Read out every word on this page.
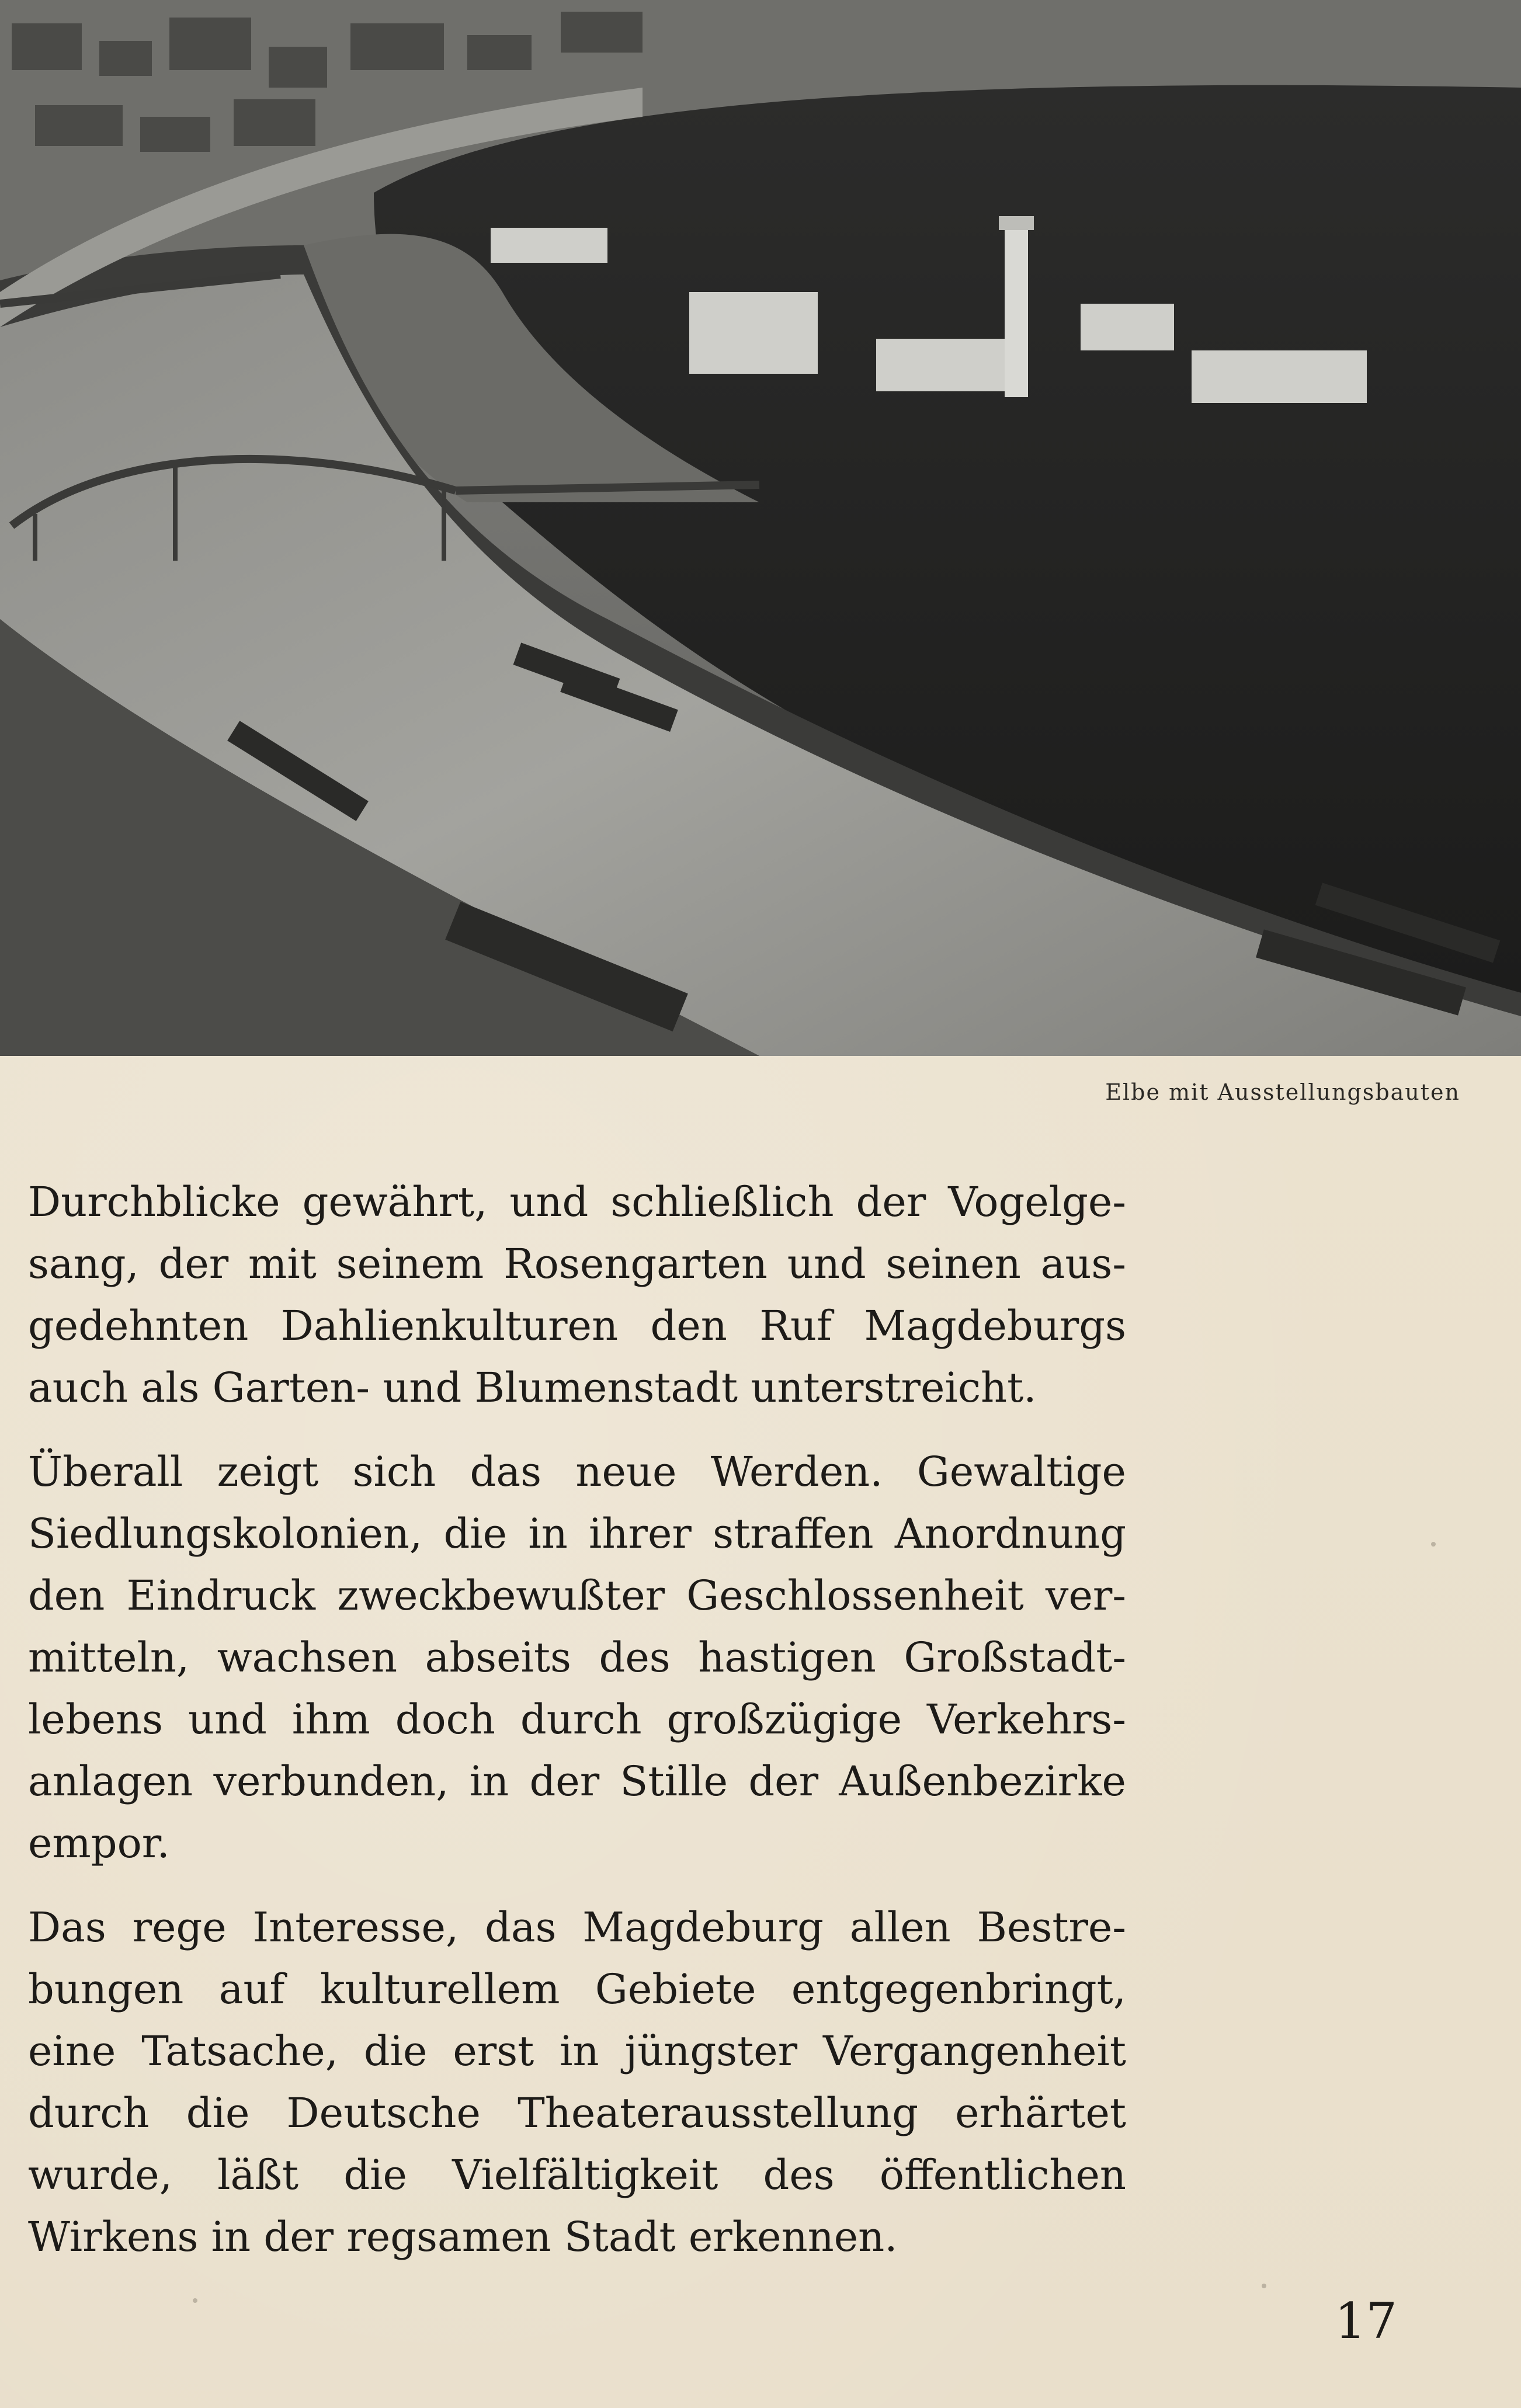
Elbe mit Ausstellungsbauten

Durchblicke gewährt, und schließlich der Vogelgesang, der mit seinem Rosengarten und seinen ausgedehnten Dahlienkulturen den Ruf Magdeburgs auch als Garten- und Blumenstadt unterstreicht.

Überall zeigt sich das neue Werden. Gewaltige Siedlungskolonien, die in ihrer straffen Anordnung den Eindruck zweckbewußter Geschlossenheit vermitteln, wachsen abseits des hastigen Großstadtlebens und ihm doch durch großzügige Verkehrsanlagen verbunden, in der Stille der Außenbezirke empor.

Das rege Interesse, das Magdeburg allen Bestrebungen auf kulturellem Gebiete entgegenbringt, eine Tatsache, die erst in jüngster Vergangenheit durch die Deutsche Theaterausstellung erhärtet wurde, läßt die Vielfältigkeit des öffentlichen Wirkens in der regsamen Stadt erkennen.

17
